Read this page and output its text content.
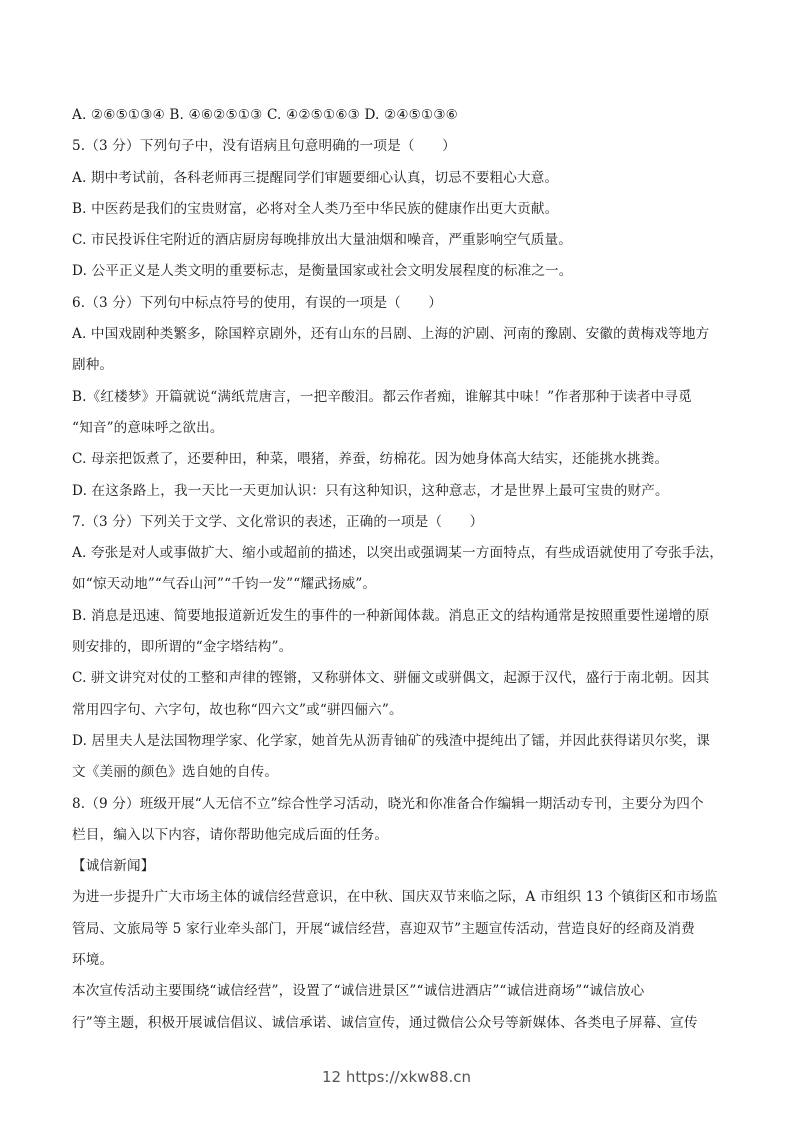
A. ②⑥⑤①③④ B. ④⑥②⑤①③ C. ④②⑤①⑥③ D. ②④⑤①③⑥
5.（3 分）下列句子中，没有语病且句意明确的一项是（　　）
A. 期中考试前，各科老师再三提醒同学们审题要细心认真，切忌不要粗心大意。
B. 中医药是我们的宝贵财富，必将对全人类乃至中华民族的健康作出更大贡献。
C. 市民投诉住宅附近的酒店厨房每晚排放出大量油烟和噪音，严重影响空气质量。
D. 公平正义是人类文明的重要标志，是衡量国家或社会文明发展程度的标准之一。
6.（3 分）下列句中标点符号的使用，有误的一项是（　　）
A. 中国戏剧种类繁多，除国粹京剧外，还有山东的吕剧、上海的沪剧、河南的豫剧、安徽的黄梅戏等地方
剧种。
B.《红楼梦》开篇就说“满纸荒唐言，一把辛酸泪。都云作者痴，谁解其中味！”作者那种于读者中寻觅
“知音”的意味呼之欲出。
C. 母亲把饭煮了，还要种田，种菜，喂猪，养蚕，纺棉花。因为她身体高大结实，还能挑水挑粪。
D. 在这条路上，我一天比一天更加认识：只有这种知识，这种意志，才是世界上最可宝贵的财产。
7.（3 分）下列关于文学、文化常识的表述，正确的一项是（　　）
A. 夸张是对人或事做扩大、缩小或超前的描述，以突出或强调某一方面特点，有些成语就使用了夸张手法，
如“惊天动地”“气吞山河”“千钧一发”“耀武扬威”。
B. 消息是迅速、简要地报道新近发生的事件的一种新闻体裁。消息正文的结构通常是按照重要性递增的原
则安排的，即所谓的“金字塔结构”。
C. 骈文讲究对仗的工整和声律的铿锵，又称骈体文、骈俪文或骈偶文，起源于汉代，盛行于南北朝。因其
常用四字句、六字句，故也称“四六文”或“骈四俪六”。
D. 居里夫人是法国物理学家、化学家，她首先从沥青铀矿的残渣中提纯出了镭，并因此获得诺贝尔奖，课
文《美丽的颜色》选自她的自传。
8.（9 分）班级开展“人无信不立”综合性学习活动，晓光和你准备合作编辑一期活动专刊，主要分为四个
栏目，编入以下内容，请你帮助他完成后面的任务。
【诚信新闻】
为进一步提升广大市场主体的诚信经营意识，在中秋、国庆双节来临之际，A 市组织 13 个镇街区和市场监
管局、文旅局等 5 家行业牵头部门，开展“诚信经营，喜迎双节”主题宣传活动，营造良好的经商及消费
环境。
本次宣传活动主要围绕“诚信经营”，设置了“诚信进景区”“诚信进酒店”“诚信进商场”“诚信放心
行”等主题，积极开展诚信倡议、诚信承诺、诚信宣传，通过微信公众号等新媒体、各类电子屏幕、宣传
12 https://xkw88.cn
